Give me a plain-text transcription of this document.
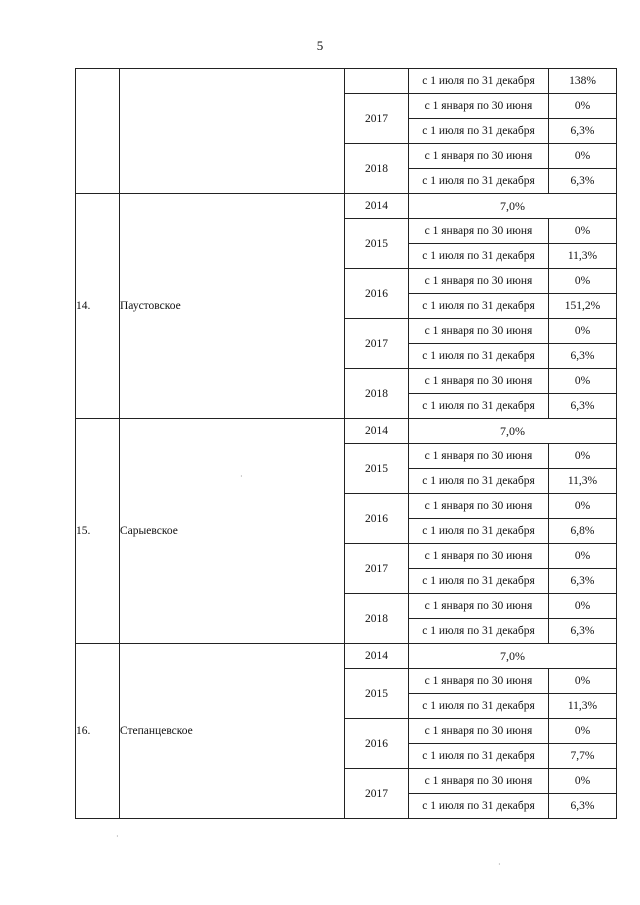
5
			с 1 июля по 31 декабря	138%
		2017	с 1 января по 30 июня	0%
			с 1 июля по 31 декабря	6,3%
		2018	с 1 января по 30 июня	0%
			с 1 июля по 31 декабря	6,3%
14.	Паустовское	2014	7,0%	
		2015	с 1 января по 30 июня	0%
			с 1 июля по 31 декабря	11,3%
		2016	с 1 января по 30 июня	0%
			с 1 июля по 31 декабря	151,2%
		2017	с 1 января по 30 июня	0%
			с 1 июля по 31 декабря	6,3%
		2018	с 1 января по 30 июня	0%
			с 1 июля по 31 декабря	6,3%
15.	Сарыевское	2014	7,0%	
		2015	с 1 января по 30 июня	0%
			с 1 июля по 31 декабря	11,3%
		2016	с 1 января по 30 июня	0%
			с 1 июля по 31 декабря	6,8%
		2017	с 1 января по 30 июня	0%
			с 1 июля по 31 декабря	6,3%
		2018	с 1 января по 30 июня	0%
			с 1 июля по 31 декабря	6,3%
16.	Степанцевское	2014	7,0%	
		2015	с 1 января по 30 июня	0%
			с 1 июля по 31 декабря	11,3%
		2016	с 1 января по 30 июня	0%
			с 1 июля по 31 декабря	7,7%
		2017	с 1 января по 30 июня	0%
			с 1 июля по 31 декабря	6,3%
·
·
·
